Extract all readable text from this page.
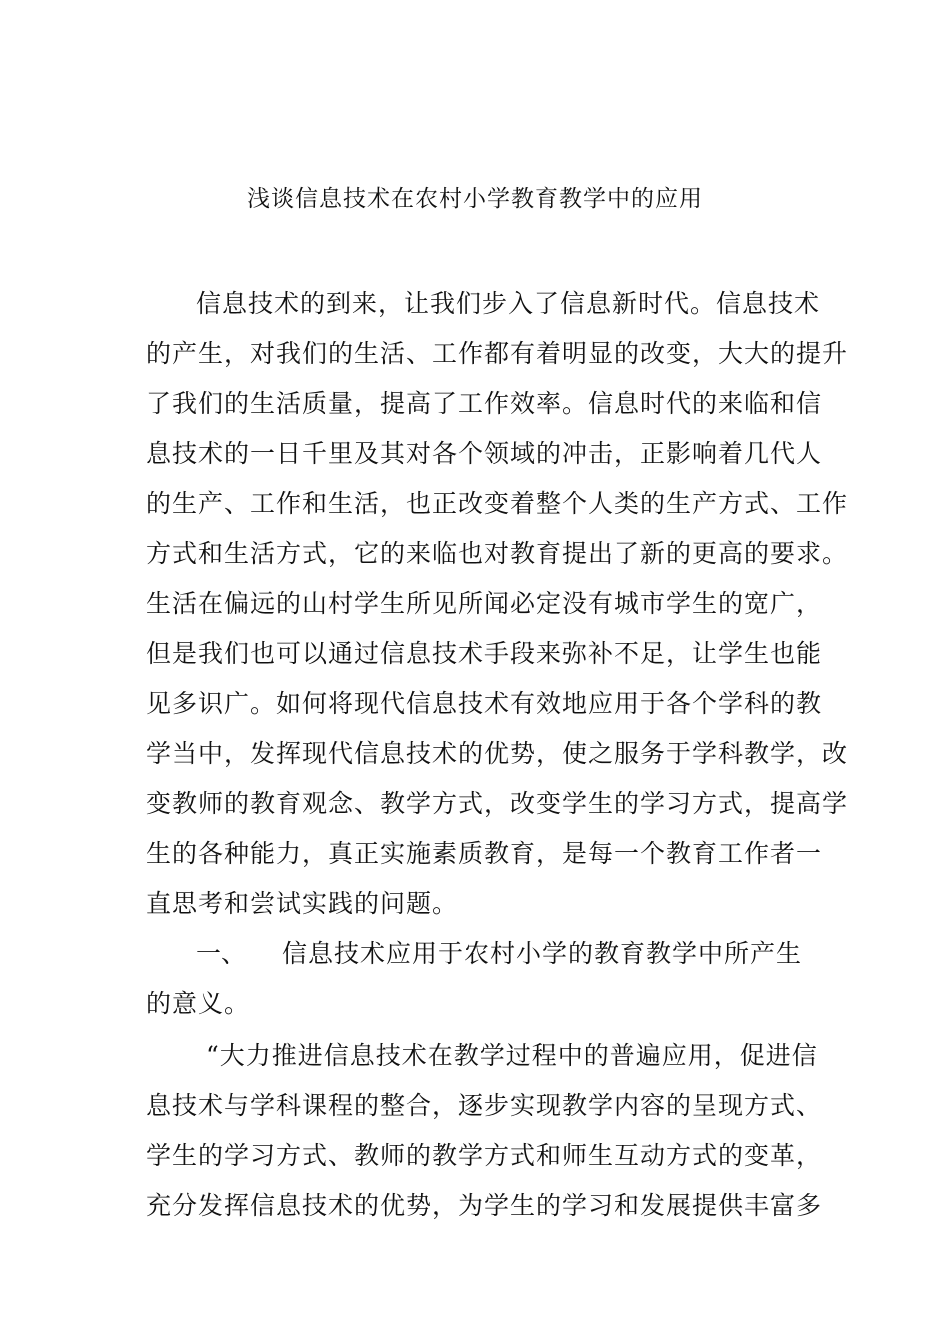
浅谈信息技术在农村小学教育教学中的应用
信息技术的到来，让我们步入了信息新时代。信息技术
的产生，对我们的生活、工作都有着明显的改变，大大的提升
了我们的生活质量，提高了工作效率。信息时代的来临和信
息技术的一日千里及其对各个领域的冲击，正影响着几代人
的生产、工作和生活，也正改变着整个人类的生产方式、工作
方式和生活方式，它的来临也对教育提出了新的更高的要求。
生活在偏远的山村学生所见所闻必定没有城市学生的宽广，
但是我们也可以通过信息技术手段来弥补不足，让学生也能
见多识广。如何将现代信息技术有效地应用于各个学科的教
学当中，发挥现代信息技术的优势，使之服务于学科教学，改
变教师的教育观念、教学方式，改变学生的学习方式，提高学
生的各种能力，真正实施素质教育，是每一个教育工作者一
直思考和尝试实践的问题。
一、 信息技术应用于农村小学的教育教学中所产生
的意义。
“大力推进信息技术在教学过程中的普遍应用，促进信
息技术与学科课程的整合，逐步实现教学内容的呈现方式、
学生的学习方式、教师的教学方式和师生互动方式的变革，
充分发挥信息技术的优势，为学生的学习和发展提供丰富多
